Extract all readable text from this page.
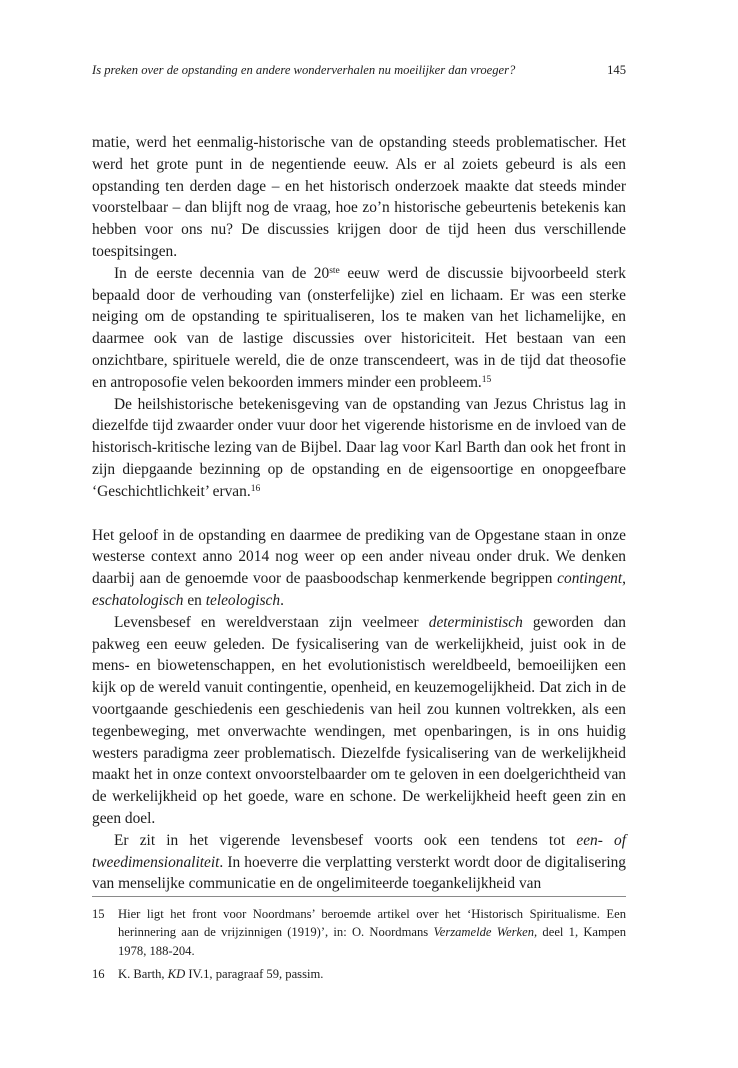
Is preken over de opstanding en andere wonderverhalen nu moeilijker dan vroeger?	145

matie, werd het eenmalig-historische van de opstanding steeds problematischer. Het werd het grote punt in de negentiende eeuw. Als er al zoiets gebeurd is als een opstanding ten derden dage – en het historisch onderzoek maakte dat steeds minder voorstelbaar – dan blijft nog de vraag, hoe zo’n historische gebeurtenis betekenis kan hebben voor ons nu? De discussies krijgen door de tijd heen dus verschillende toespitsingen.

In de eerste decennia van de 20ste eeuw werd de discussie bijvoorbeeld sterk bepaald door de verhouding van (onsterfelijke) ziel en lichaam. Er was een sterke neiging om de opstanding te spiritualiseren, los te maken van het lichamelijke, en daarmee ook van de lastige discussies over historiciteit. Het bestaan van een onzichtbare, spirituele wereld, die de onze transcendeert, was in de tijd dat theosofie en antroposofie velen bekoorden immers minder een probleem.$^{15}$

De heilshistorische betekenisgeving van de opstanding van Jezus Christus lag in diezelfde tijd zwaarder onder vuur door het vigerende historisme en de invloed van de historisch-kritische lezing van de Bijbel. Daar lag voor Karl Barth dan ook het front in zijn diepgaande bezinning op de opstanding en de eigensoortige en onopgeefbare ‘Geschichtlichkeit’ ervan.$^{16}$

Het geloof in de opstanding en daarmee de prediking van de Opgestane staan in onze westerse context anno 2014 nog weer op een ander niveau onder druk. We denken daarbij aan de genoemde voor de paasboodschap kenmerkende begrippen contingent, eschatologisch en teleologisch.

Levensbesef en wereldverstaan zijn veelmeer deterministisch geworden dan pakweg een eeuw geleden. De fysicalisering van de werkelijkheid, juist ook in de mens- en biowetenschappen, en het evolutionistisch wereldbeeld, bemoeilijken een kijk op de wereld vanuit contingentie, openheid, en keuzemogelijkheid. Dat zich in de voortgaande geschiedenis een geschiedenis van heil zou kunnen voltrekken, als een tegenbeweging, met onverwachte wendingen, met openbaringen, is in ons huidig westers paradigma zeer problematisch. Diezelfde fysicalisering van de werkelijkheid maakt het in onze context onvoorstelbaarder om te geloven in een doelgerichtheid van de werkelijkheid op het goede, ware en schone. De werkelijkheid heeft geen zin en geen doel.

Er zit in het vigerende levensbesef voorts ook een tendens tot een- of tweedimensionaliteit. In hoeverre die verplatting versterkt wordt door de digitalisering van menselijke communicatie en de ongelimiteerde toegankelijkheid van

15	Hier ligt het front voor Noordmans’ beroemde artikel over het ‘Historisch Spiritualisme. Een herinnering aan de vrijzinnigen (1919)’, in: O. Noordmans Verzamelde Werken, deel 1, Kampen 1978, 188-204.
16	K. Barth, KD IV.1, paragraaf 59, passim.
